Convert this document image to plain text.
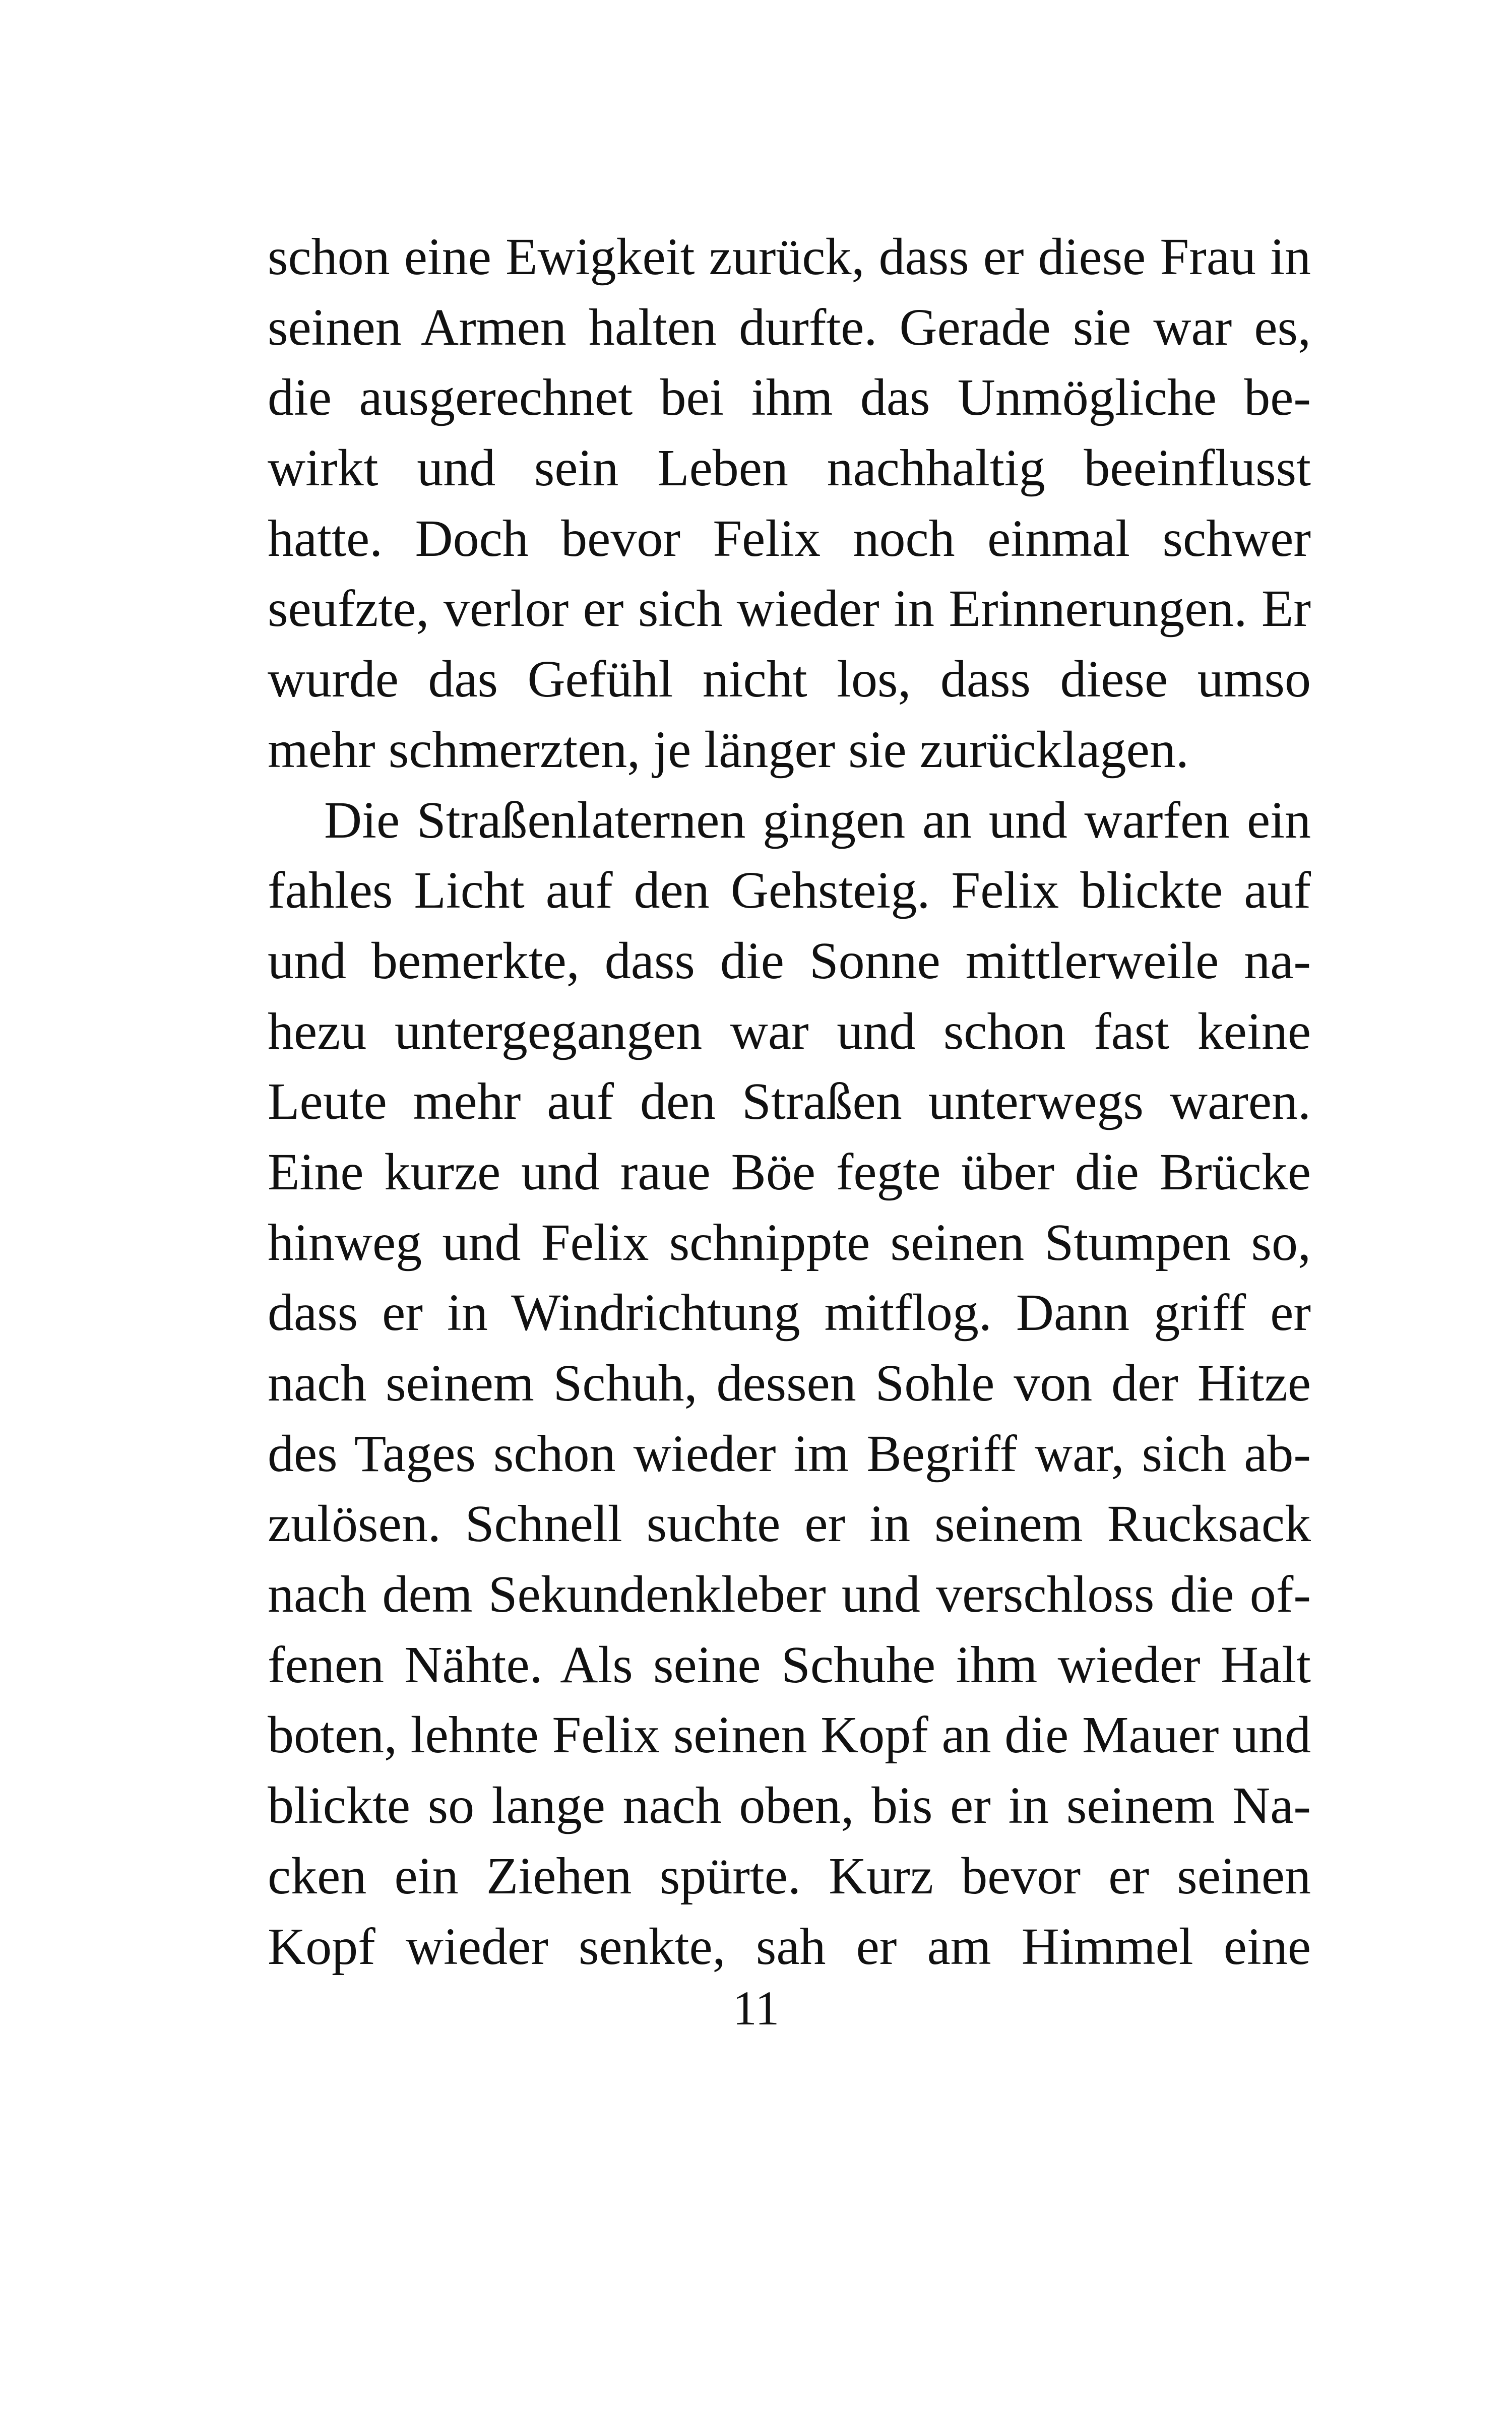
schon eine Ewigkeit zurück, dass er diese Frau in
seinen Armen halten durfte. Gerade sie war es,
die ausgerechnet bei ihm das Unmögliche be-
wirkt und sein Leben nachhaltig beeinflusst
hatte. Doch bevor Felix noch einmal schwer
seufzte, verlor er sich wieder in Erinnerungen. Er
wurde das Gefühl nicht los, dass diese umso
mehr schmerzten, je länger sie zurücklagen.
Die Straßenlaternen gingen an und warfen ein
fahles Licht auf den Gehsteig. Felix blickte auf
und bemerkte, dass die Sonne mittlerweile na-
hezu untergegangen war und schon fast keine
Leute mehr auf den Straßen unterwegs waren.
Eine kurze und raue Böe fegte über die Brücke
hinweg und Felix schnippte seinen Stumpen so,
dass er in Windrichtung mitflog. Dann griff er
nach seinem Schuh, dessen Sohle von der Hitze
des Tages schon wieder im Begriff war, sich ab-
zulösen. Schnell suchte er in seinem Rucksack
nach dem Sekundenkleber und verschloss die of-
fenen Nähte. Als seine Schuhe ihm wieder Halt
boten, lehnte Felix seinen Kopf an die Mauer und
blickte so lange nach oben, bis er in seinem Na-
cken ein Ziehen spürte. Kurz bevor er seinen
Kopf wieder senkte, sah er am Himmel eine
11
